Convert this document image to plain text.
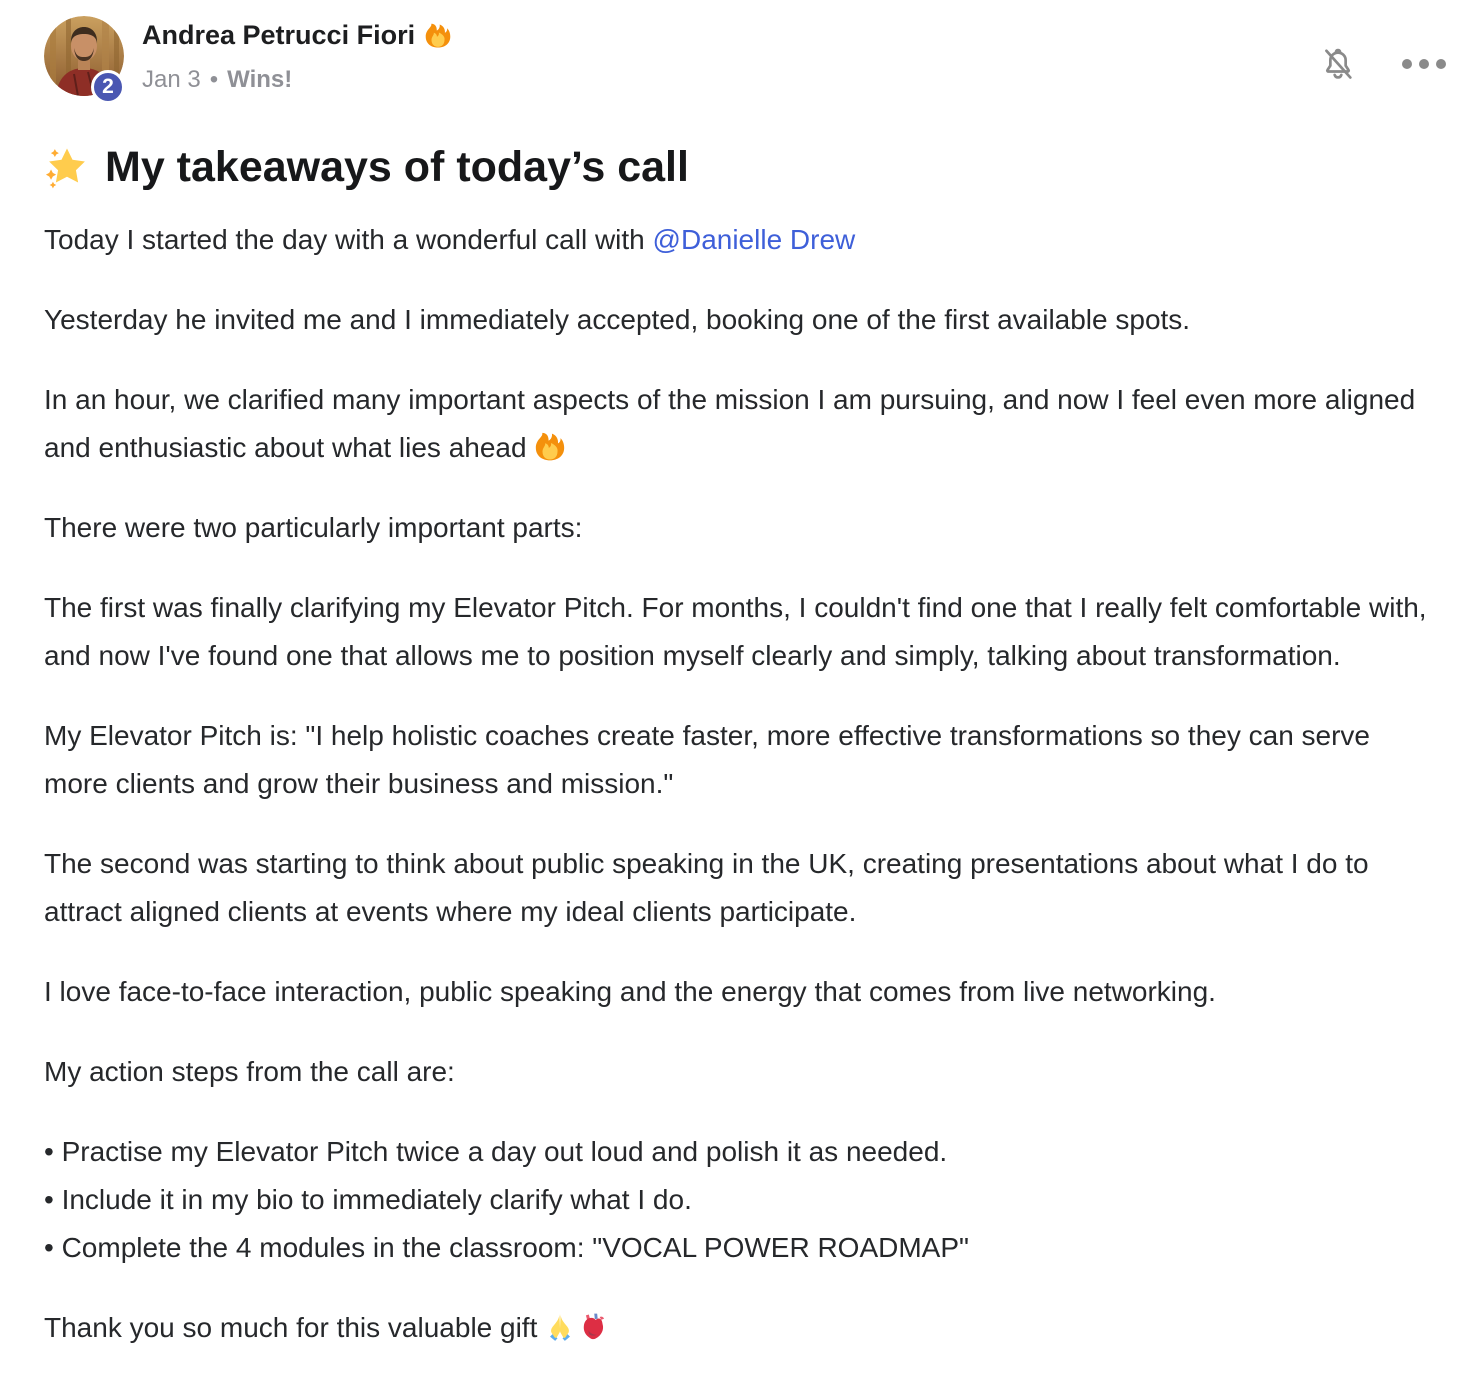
2
Andrea Petrucci Fiori
Jan 3 • Wins!
My takeaways of today’s call

Today I started the day with a wonderful call with @Danielle Drew

Yesterday he invited me and I immediately accepted, booking one of the first available spots.

In an hour, we clarified many important aspects of the mission I am pursuing, and now I feel even more aligned and enthusiastic about what lies ahead

There were two particularly important parts:

The first was finally clarifying my Elevator Pitch. For months, I couldn't find one that I really felt comfortable with, and now I've found one that allows me to position myself clearly and simply, talking about transformation.

My Elevator Pitch is: "I help holistic coaches create faster, more effective transformations so they can serve more clients and grow their business and mission."

The second was starting to think about public speaking in the UK, creating presentations about what I do to attract aligned clients at events where my ideal clients participate.

I love face-to-face interaction, public speaking and the energy that comes from live networking.

My action steps from the call are:

• Practise my Elevator Pitch twice a day out loud and polish it as needed.
• Include it in my bio to immediately clarify what I do.
• Complete the 4 modules in the classroom: "VOCAL POWER ROADMAP"

Thank you so much for this valuable gift
